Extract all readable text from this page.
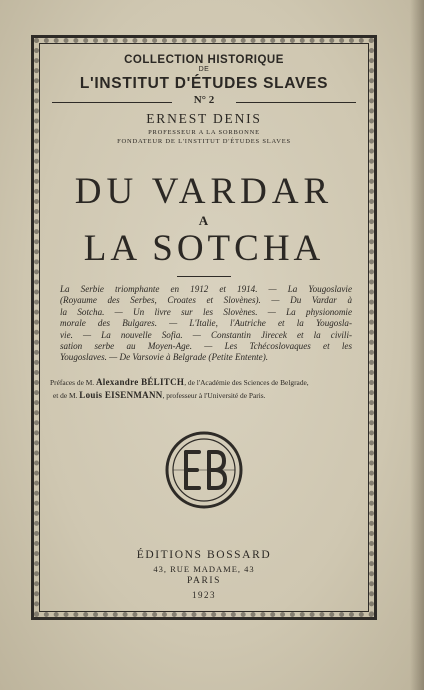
COLLECTION HISTORIQUE
DE
L'INSTITUT D'ÉTUDES SLAVES
N° 2
ERNEST DENIS
PROFESSEUR A LA SORBONNE
FONDATEUR DE L'INSTITUT D'ÉTUDES SLAVES
DU VARDAR
A
LA SOTCHA
La Serbie triomphante en 1912 et 1914. — La Yougoslavie
(Royaume des Serbes, Croates et Slovènes). — Du Vardar à
la Sotcha. — Un livre sur les Slovènes. — La physionomie
morale des Bulgares. — L'Italie, l'Autriche et la Yougosla-
vie. — La nouvelle Sofia. — Constantin Jirecek et la civili-
sation serbe au Moyen-Age. — Les Tchécoslovaques et les
Yougoslaves. — De Varsovie à Belgrade (Petite Entente).
Préfaces de M. Alexandre BÉLITCH, de l'Académie des Sciences de Belgrade,
et de M. Louis EISENMANN, professeur à l'Université de Paris.
ÉDITIONS BOSSARD
43, RUE MADAME, 43
PARIS
1923
